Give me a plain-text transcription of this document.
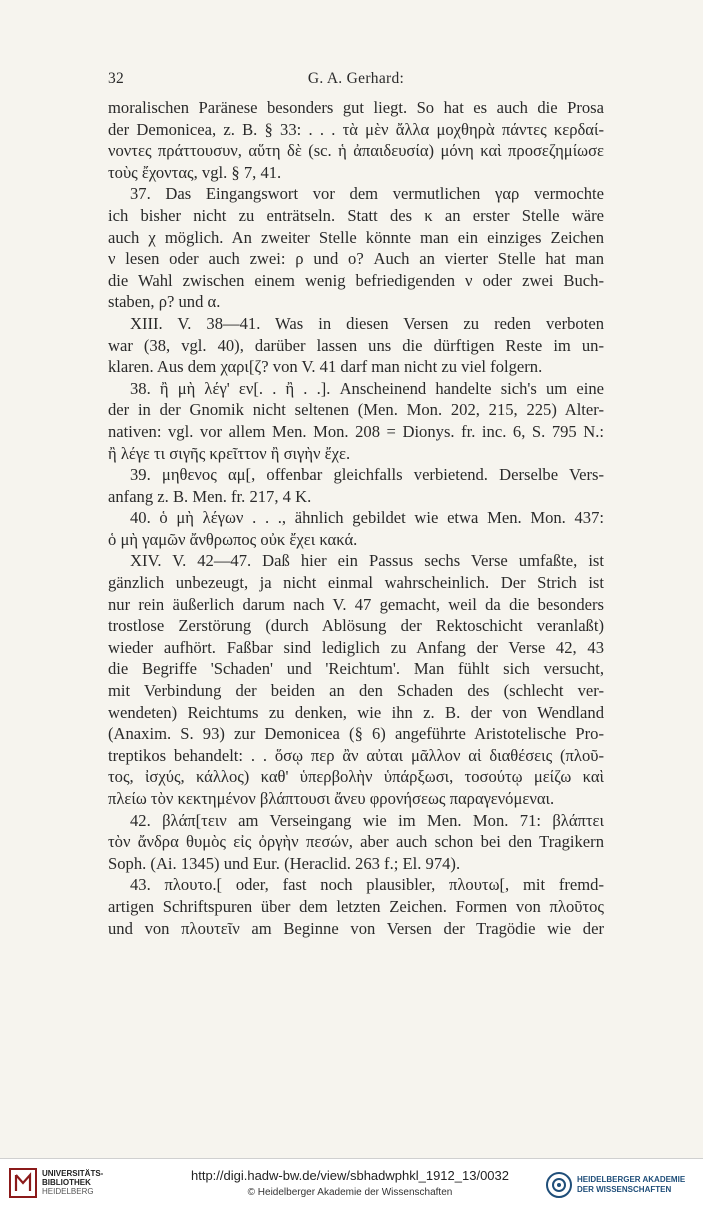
32	G. A. Gerhard:
moralischen Paränese besonders gut liegt. So hat es auch die Prosa
der Demonicea, z. B. § 33: . . . τὰ μὲν ἄλλα μοχθηρὰ πάντες κερδαί-
νοντες πράττουσυν, αὕτη δὲ (sc. ἡ ἀπαιδευσία) μόνη καὶ προσεζημίωσε
τοὺς ἔχοντας, vgl. § 7, 41.
37. Das Eingangswort vor dem vermutlichen γαρ vermochte
ich bisher nicht zu enträtseln. Statt des κ an erster Stelle wäre
auch χ möglich. An zweiter Stelle könnte man ein einziges Zeichen
ν lesen oder auch zwei: ρ und ο? Auch an vierter Stelle hat man
die Wahl zwischen einem wenig befriedigenden ν oder zwei Buch-
staben, ρ? und α.
XIII. V. 38—41. Was in diesen Versen zu reden verboten
war (38, vgl. 40), darüber lassen uns die dürftigen Reste im un-
klaren. Aus dem χαρι[ζ? von V. 41 darf man nicht zu viel folgern.
38. ἢ μὴ λέγ' εν[. . ἢ . .]. Anscheinend handelte sich's um eine
der in der Gnomik nicht seltenen (Men. Mon. 202, 215, 225) Alter-
nativen: vgl. vor allem Men. Mon. 208 = Dionys. fr. inc. 6, S. 795 N.:
ἢ λέγε τι σιγῆς κρεῖττον ἢ σιγὴν ἔχε.
39. μηθενος αμ[, offenbar gleichfalls verbietend. Derselbe Vers-
anfang z. B. Men. fr. 217, 4 K.
40. ὁ μὴ λέγων . . ., ähnlich gebildet wie etwa Men. Mon. 437:
ὁ μὴ γαμῶν ἄνθρωπος οὐκ ἔχει κακά.
XIV. V. 42—47. Daß hier ein Passus sechs Verse umfaßte, ist
gänzlich unbezeugt, ja nicht einmal wahrscheinlich. Der Strich ist
nur rein äußerlich darum nach V. 47 gemacht, weil da die besonders
trostlose Zerstörung (durch Ablösung der Rektoschicht veranlaßt)
wieder aufhört. Faßbar sind lediglich zu Anfang der Verse 42, 43
die Begriffe 'Schaden' und 'Reichtum'. Man fühlt sich versucht,
mit Verbindung der beiden an den Schaden des (schlecht ver-
wendeten) Reichtums zu denken, wie ihn z. B. der von Wendland
(Anaxim. S. 93) zur Demonicea (§ 6) angeführte Aristotelische Pro-
treptikos behandelt: . . ὅσῳ περ ἂν αὐται μᾶλλον αἱ διαθέσεις (πλοῦ-
τος, ἰσχύς, κάλλος) καθ' ὑπερβολὴν ὑπάρξωσι, τοσούτῳ μείζω καὶ
πλείω τὸν κεκτημένον βλάπτουσι ἄνευ φρονήσεως παραγενόμεναι.
42. βλάπ[τειν am Verseingang wie im Men. Mon. 71: βλάπτει
τὸν ἄνδρα θυμὸς εἰς ὀργὴν πεσών, aber auch schon bei den Tragikern
Soph. (Ai. 1345) und Eur. (Heraclid. 263 f.; El. 974).
43. πλουτο.[ oder, fast noch plausibler, πλουτω[, mit fremd-
artigen Schriftspuren über dem letzten Zeichen. Formen von πλοῦτος
und von πλουτεῖν am Beginne von Versen der Tragödie wie der
UNIVERSITÄTS-
BIBLIOTHEK
HEIDELBERG
http://digi.hadw-bw.de/view/sbhadwphkl_1912_13/0032
© Heidelberger Akademie der Wissenschaften
HEIDELBERGER AKADEMIE
DER WISSENSCHAFTEN
